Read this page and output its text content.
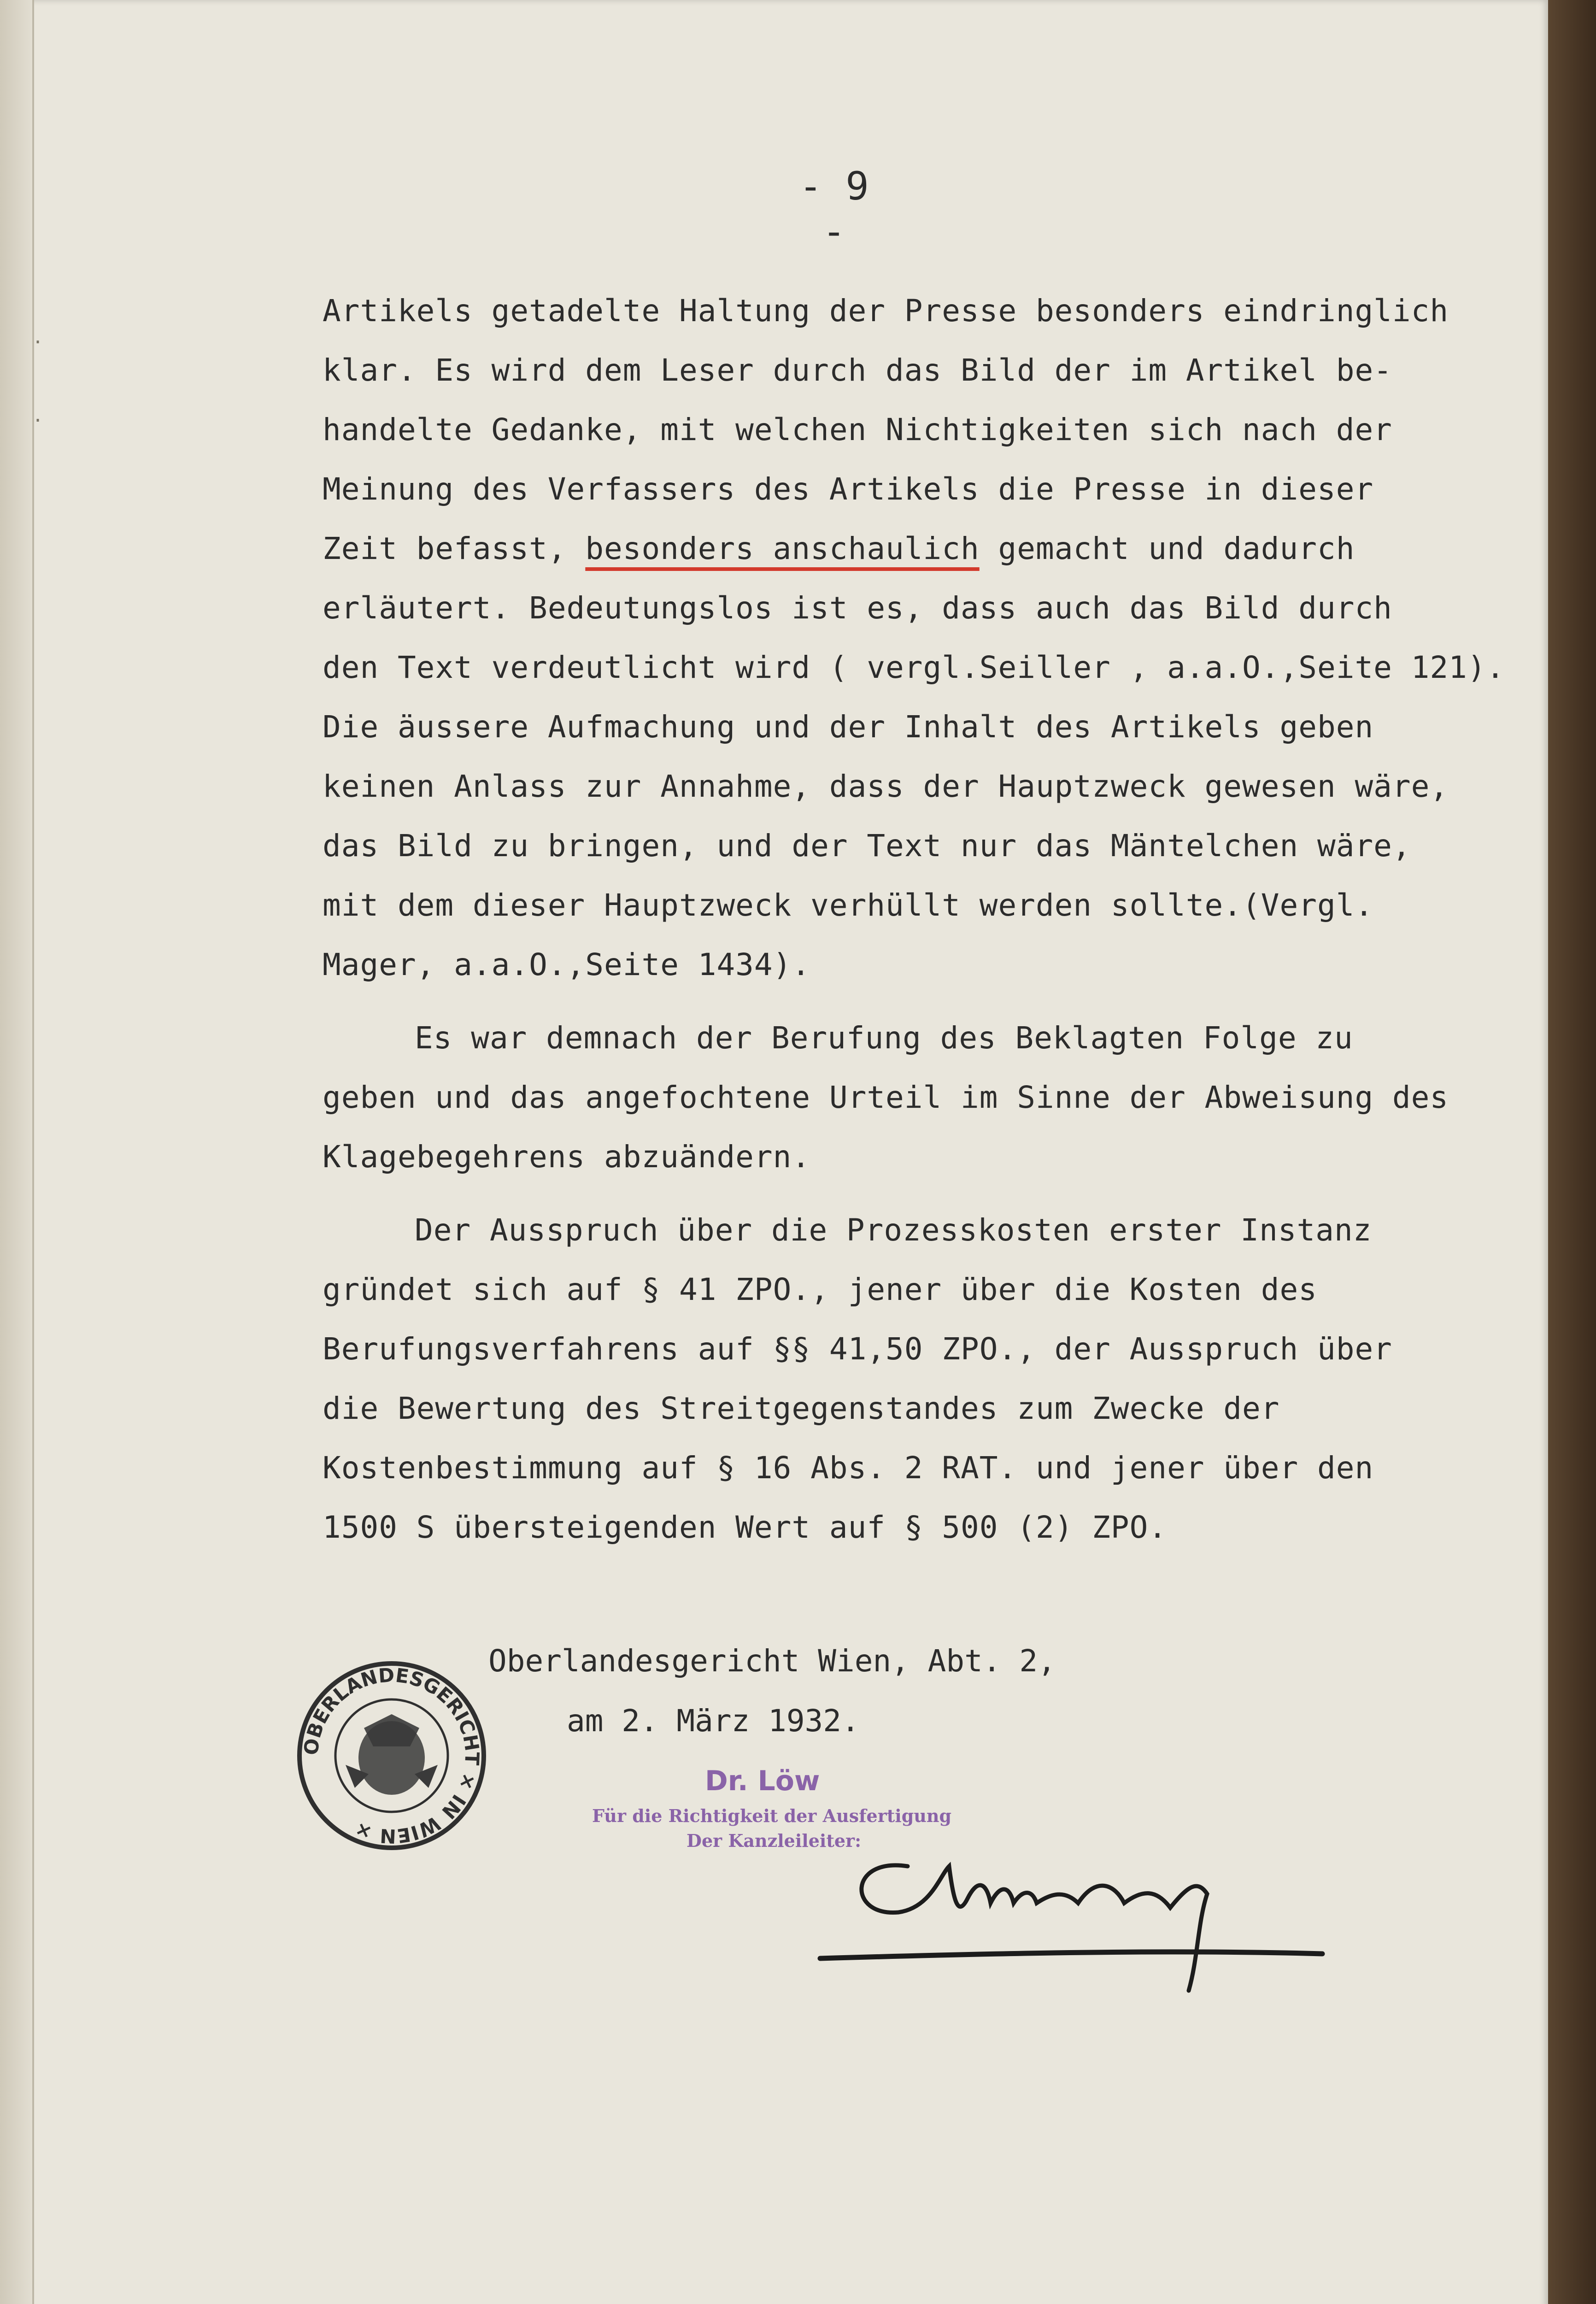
- 9 -
Artikels getadelte Haltung der Presse besonders eindringlich
klar. Es wird dem Leser durch das Bild der im Artikel be-
handelte Gedanke, mit welchen Nichtigkeiten sich nach der
Meinung des Verfassers des Artikels die Presse in dieser
Zeit befasst, besonders anschaulich gemacht und dadurch
erläutert. Bedeutungslos ist es, dass auch das Bild durch
den Text verdeutlicht wird ( vergl.Seiller , a.a.O.,Seite 121).
Die äussere Aufmachung und der Inhalt des Artikels geben
keinen Anlass zur Annahme, dass der Hauptzweck gewesen wäre,
das Bild zu bringen, und der Text nur das Mäntelchen wäre,
mit dem dieser Hauptzweck verhüllt werden sollte.(Vergl.
Mager, a.a.O.,Seite 1434).
Es war demnach der Berufung des Beklagten Folge zu
geben und das angefochtene Urteil im Sinne der Abweisung des
Klagebegehrens abzuändern.
Der Ausspruch über die Prozesskosten erster Instanz
gründet sich auf § 41 ZPO., jener über die Kosten des
Berufungsverfahrens auf §§ 41,50 ZPO., der Ausspruch über
die Bewertung des Streitgegenstandes zum Zwecke der
Kostenbestimmung auf § 16 Abs. 2 RAT. und jener über den
1500 S übersteigenden Wert auf § 500 (2) ZPO.
Oberlandesgericht Wien, Abt. 2,
am 2. März 1932.
OBERLANDESGERICHT × IN WIEN ×
Dr. Löw
Für die Richtigkeit der Ausfertigung
Der Kanzleileiter:
·
·
